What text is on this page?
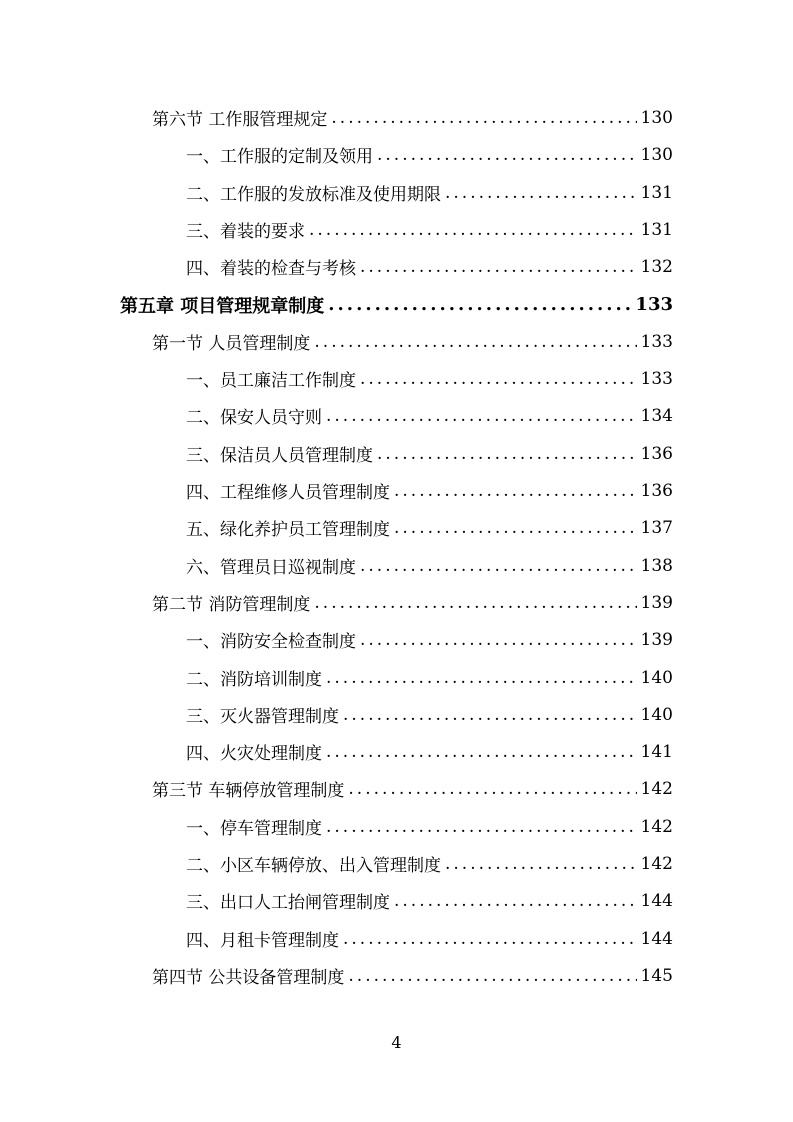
第六节 工作服管理规定 .....	130
一、工作服的定制及领用 .....	130
二、工作服的发放标准及使用期限 .....	131
三、着装的要求 .....	131
四、着装的检查与考核 .....	132
第五章 项目管理规章制度 .....	133
第一节 人员管理制度 .....	133
一、员工廉洁工作制度 .....	133
二、保安人员守则 .....	134
三、保洁员人员管理制度 .....	136
四、工程维修人员管理制度 .....	136
五、绿化养护员工管理制度 .....	137
六、管理员日巡视制度 .....	138
第二节 消防管理制度 .....	139
一、消防安全检查制度 .....	139
二、消防培训制度 .....	140
三、灭火器管理制度 .....	140
四、火灾处理制度 .....	141
第三节 车辆停放管理制度 .....	142
一、停车管理制度 .....	142
二、小区车辆停放、出入管理制度 .....	142
三、出口人工抬闸管理制度 .....	144
四、月租卡管理制度 .....	144
第四节 公共设备管理制度 .....	145
4
